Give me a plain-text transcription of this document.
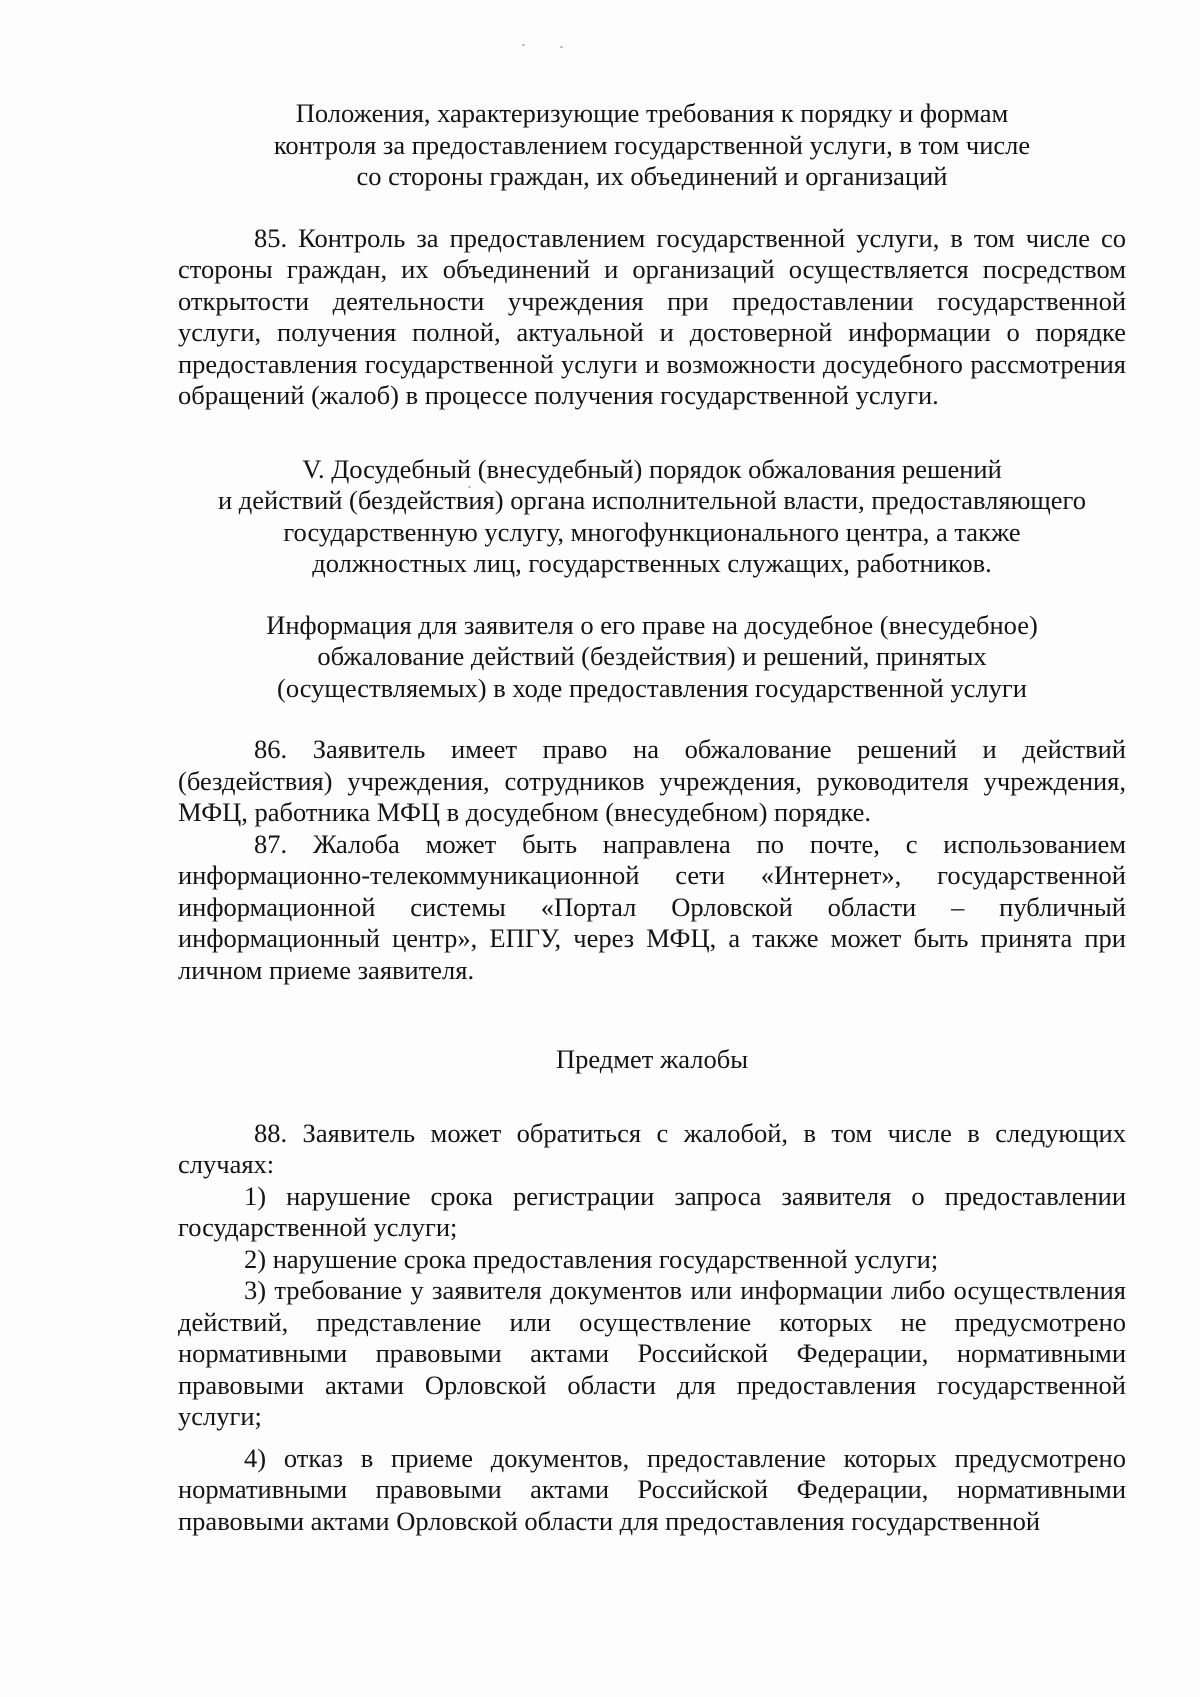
Положения, характеризующие требования к порядку и формам
контроля за предоставлением государственной услуги, в том числе
со стороны граждан, их объединений и организаций

85. Контроль за предоставлением государственной услуги, в том числе со стороны граждан, их объединений и организаций осуществляется посредством открытости деятельности учреждения при предоставлении государственной услуги, получения полной, актуальной и достоверной информации о порядке предоставления государственной услуги и возможности досудебного рассмотрения обращений (жалоб) в процессе получения государственной услуги.

V. Досудебный (внесудебный) порядок обжалования решений
и действий (бездействия) органа исполнительной власти, предоставляющего
государственную услугу, многофункционального центра, а также
должностных лиц, государственных служащих, работников.
Информация для заявителя о его праве на досудебное (внесудебное)
обжалование действий (бездействия) и решений, принятых
(осуществляемых) в ходе предоставления государственной услуги

86. Заявитель имеет право на обжалование решений и действий (бездействия) учреждения, сотрудников учреждения, руководителя учреждения, МФЦ, работника МФЦ в досудебном (внесудебном) порядке.

87. Жалоба может быть направлена по почте, с использованием информационно-телекоммуникационной сети «Интернет», государственной информационной системы «Портал Орловской области – публичный информационный центр», ЕПГУ, через МФЦ, а также может быть принята при личном приеме заявителя.

Предмет жалобы

88. Заявитель может обратиться с жалобой, в том числе в следующих случаях:

1) нарушение срока регистрации запроса заявителя о предоставлении государственной услуги;

2) нарушение срока предоставления государственной услуги;

3) требование у заявителя документов или информации либо осуществления действий, представление или осуществление которых не предусмотрено нормативными правовыми актами Российской Федерации, нормативными правовыми актами Орловской области для предоставления государственной услуги;

4) отказ в приеме документов, предоставление которых предусмотрено нормативными правовыми актами Российской Федерации, нормативными правовыми актами Орловской области для предоставления государственной
